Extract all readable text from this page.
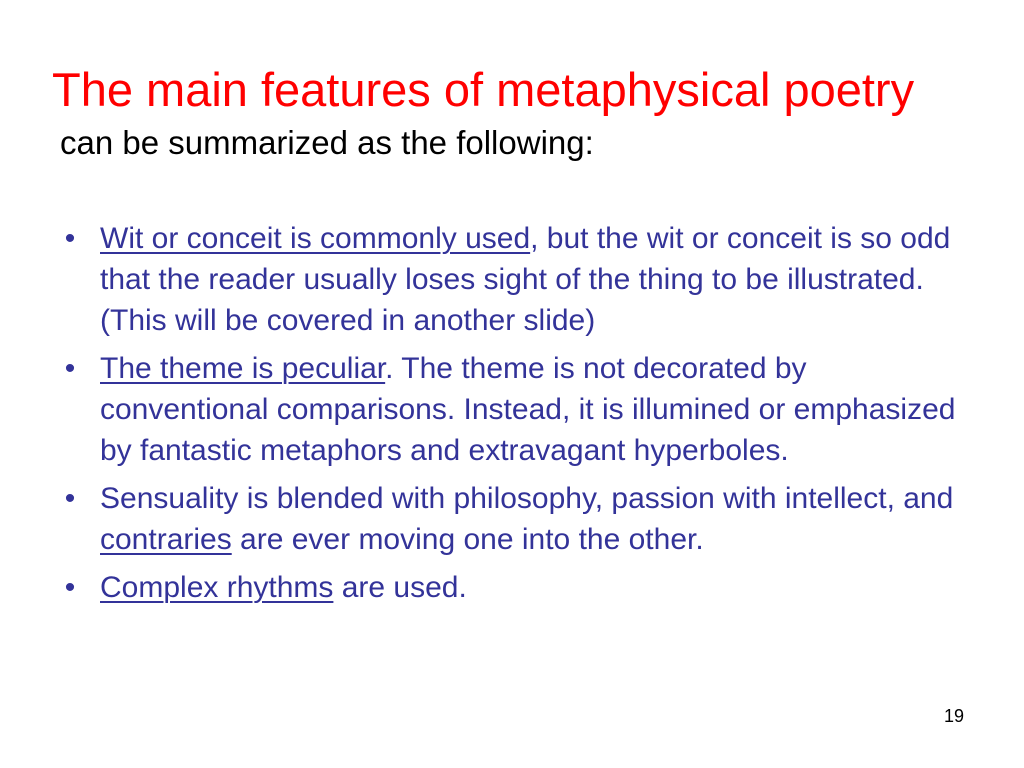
The main features of metaphysical poetry
can be summarized as the following:
• Wit or conceit is commonly used, but the wit or conceit is so odd that the reader usually loses sight of the thing to be illustrated. (This will be covered in another slide)
• The theme is peculiar. The theme is not decorated by conventional comparisons. Instead, it is illumined or emphasized by fantastic metaphors and extravagant hyperboles.
• Sensuality is blended with philosophy, passion with intellect, and contraries are ever moving one into the other.
• Complex rhythms are used.
19
